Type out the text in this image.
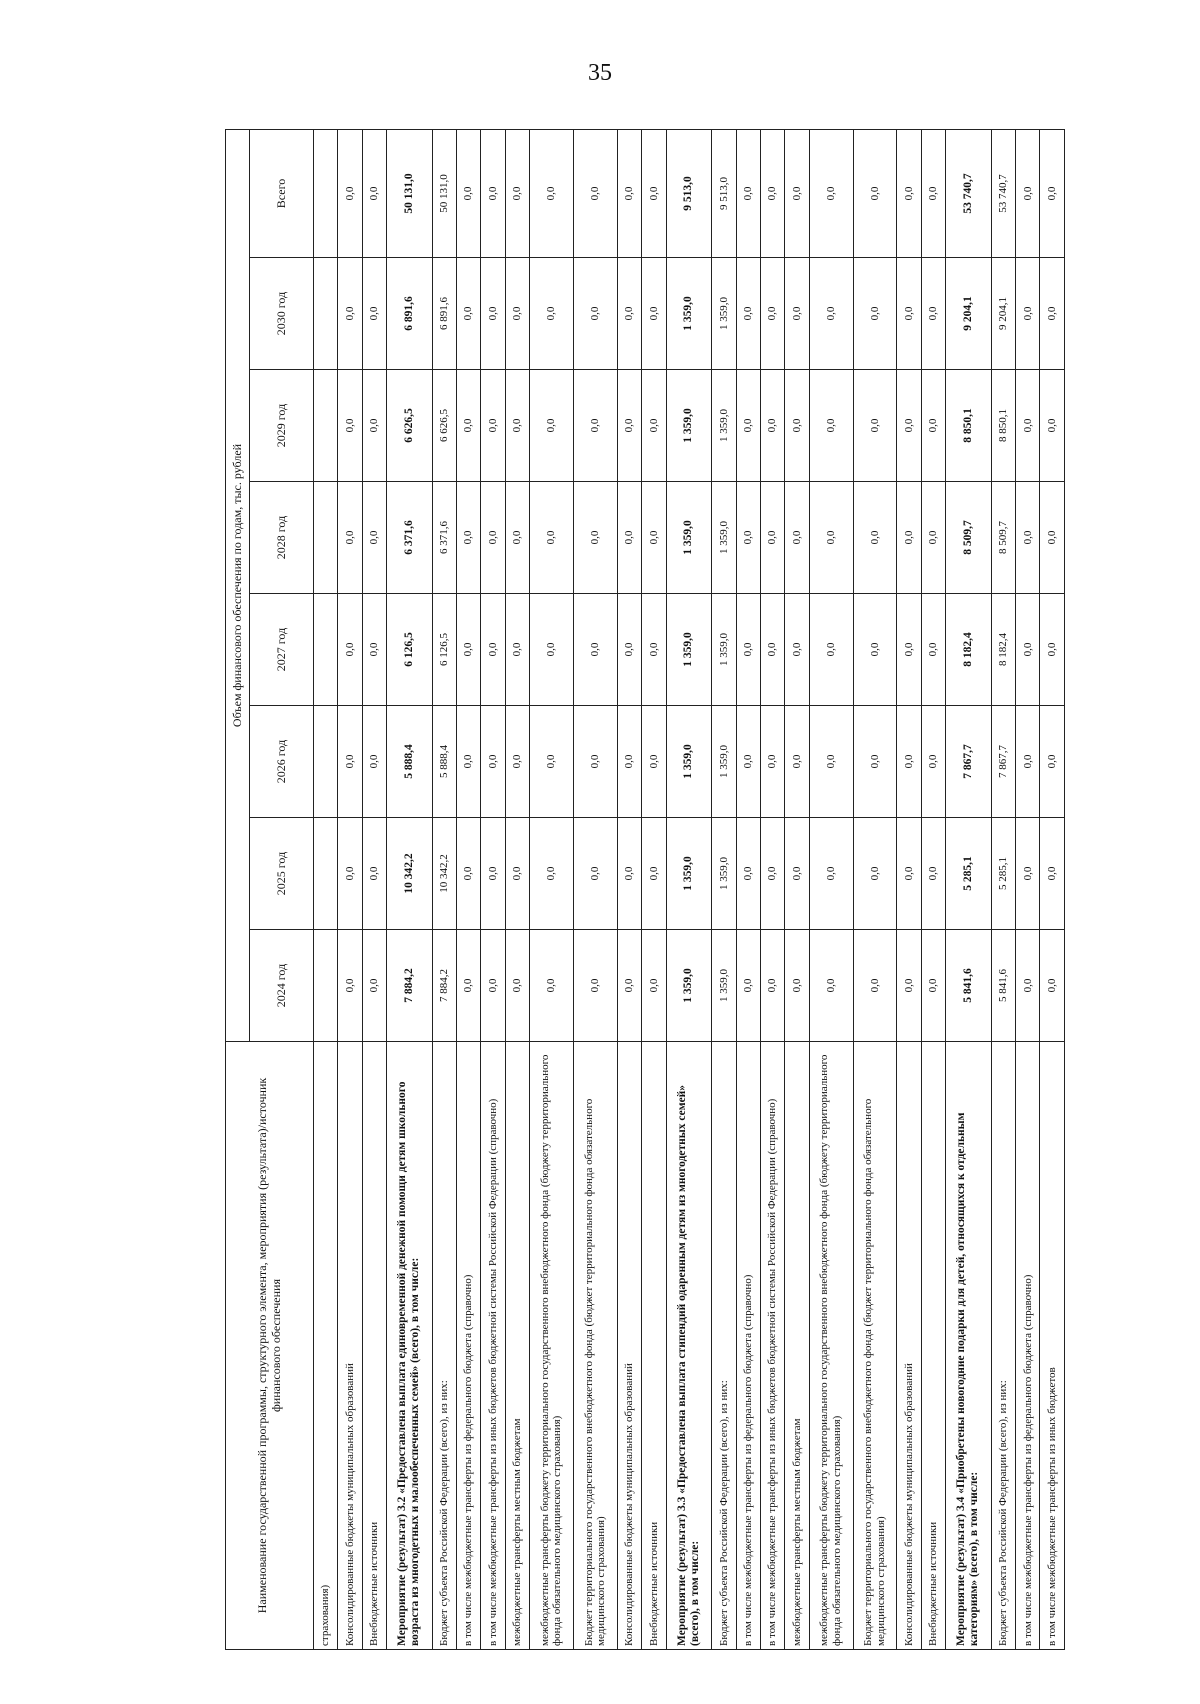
35
Наименование государственной программы, структурного элемента, мероприятия (результата)/источник финансового обеспечения	Объем финансового обеспечения по годам, тыс. рублей							
	2024 год	2025 год	2026 год	2027 год	2028 год	2029 год	2030 год	Всего
страхования)								
Консолидированные бюджеты муниципальных образований	0,0	0,0	0,0	0,0	0,0	0,0	0,0	0,0
Внебюджетные источники	0,0	0,0	0,0	0,0	0,0	0,0	0,0	0,0
Мероприятие (результат) 3.2 «Предоставлена выплата единовременной денежной помощи детям школьного возраста из многодетных и малообеспеченных семей» (всего), в том числе:	7 884,2	10 342,2	5 888,4	6 126,5	6 371,6	6 626,5	6 891,6	50 131,0
Бюджет субъекта Российской Федерации (всего), из них:	7 884,2	10 342,2	5 888,4	6 126,5	6 371,6	6 626,5	6 891,6	50 131,0
в том числе межбюджетные трансферты из федерального бюджета (справочно)	0,0	0,0	0,0	0,0	0,0	0,0	0,0	0,0
в том числе межбюджетные трансферты из иных бюджетов бюджетной системы Российской Федерации (справочно)	0,0	0,0	0,0	0,0	0,0	0,0	0,0	0,0
межбюджетные трансферты местным бюджетам	0,0	0,0	0,0	0,0	0,0	0,0	0,0	0,0
межбюджетные трансферты бюджету территориального государственного внебюджетного фонда (бюджету территориального фонда обязательного медицинского страхования)	0,0	0,0	0,0	0,0	0,0	0,0	0,0	0,0
Бюджет территориального государственного внебюджетного фонда (бюджет территориального фонда обязательного медицинского страхования)	0,0	0,0	0,0	0,0	0,0	0,0	0,0	0,0
Консолидированные бюджеты муниципальных образований	0,0	0,0	0,0	0,0	0,0	0,0	0,0	0,0
Внебюджетные источники	0,0	0,0	0,0	0,0	0,0	0,0	0,0	0,0
Мероприятие (результат) 3.3 «Предоставлена выплата стипендий одаренным детям из многодетных семей» (всего), в том числе:	1 359,0	1 359,0	1 359,0	1 359,0	1 359,0	1 359,0	1 359,0	9 513,0
Бюджет субъекта Российской Федерации (всего), из них:	1 359,0	1 359,0	1 359,0	1 359,0	1 359,0	1 359,0	1 359,0	9 513,0
в том числе межбюджетные трансферты из федерального бюджета (справочно)	0,0	0,0	0,0	0,0	0,0	0,0	0,0	0,0
в том числе межбюджетные трансферты из иных бюджетов бюджетной системы Российской Федерации (справочно)	0,0	0,0	0,0	0,0	0,0	0,0	0,0	0,0
межбюджетные трансферты местным бюджетам	0,0	0,0	0,0	0,0	0,0	0,0	0,0	0,0
межбюджетные трансферты бюджету территориального государственного внебюджетного фонда (бюджету территориального фонда обязательного медицинского страхования)	0,0	0,0	0,0	0,0	0,0	0,0	0,0	0,0
Бюджет территориального государственного внебюджетного фонда (бюджет территориального фонда обязательного медицинского страхования)	0,0	0,0	0,0	0,0	0,0	0,0	0,0	0,0
Консолидированные бюджеты муниципальных образований	0,0	0,0	0,0	0,0	0,0	0,0	0,0	0,0
Внебюджетные источники	0,0	0,0	0,0	0,0	0,0	0,0	0,0	0,0
Мероприятие (результат) 3.4 «Приобретены новогодние подарки для детей, относящихся к отдельным категориям» (всего), в том числе:	5 841,6	5 285,1	7 867,7	8 182,4	8 509,7	8 850,1	9 204,1	53 740,7
Бюджет субъекта Российской Федерации (всего), из них:	5 841,6	5 285,1	7 867,7	8 182,4	8 509,7	8 850,1	9 204,1	53 740,7
в том числе межбюджетные трансферты из федерального бюджета (справочно)	0,0	0,0	0,0	0,0	0,0	0,0	0,0	0,0
в том числе межбюджетные трансферты из иных бюджетов	0,0	0,0	0,0	0,0	0,0	0,0	0,0	0,0
